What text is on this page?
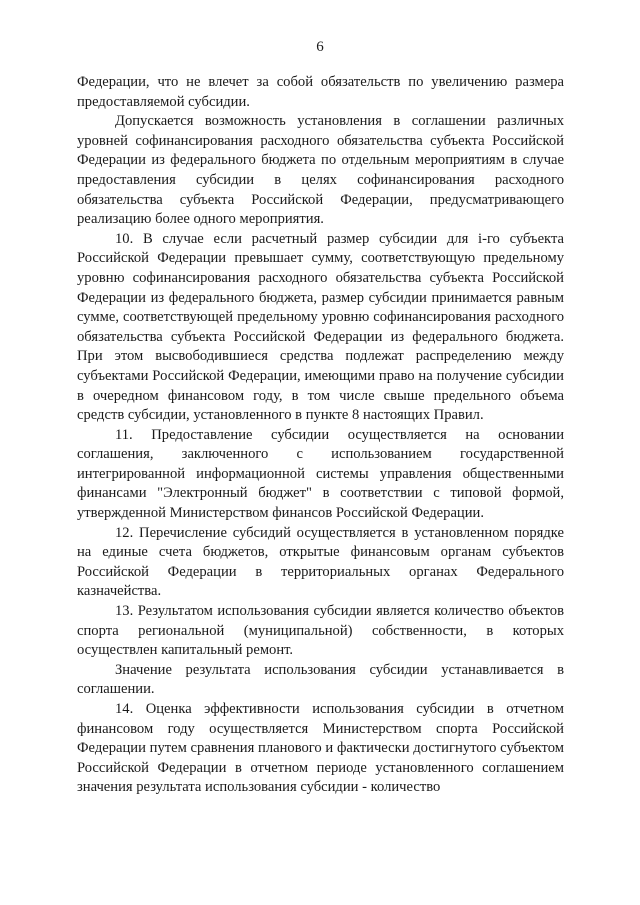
6

Федерации, что не влечет за собой обязательств по увеличению размера предоставляемой субсидии.

Допускается возможность установления в соглашении различных уровней софинансирования расходного обязательства субъекта Российской Федерации из федерального бюджета по отдельным мероприятиям в случае предоставления субсидии в целях софинансирования расходного обязательства субъекта Российской Федерации, предусматривающего реализацию более одного мероприятия.

10. В случае если расчетный размер субсидии для i-го субъекта Российской Федерации превышает сумму, соответствующую предельному уровню софинансирования расходного обязательства субъекта Российской Федерации из федерального бюджета, размер субсидии принимается равным сумме, соответствующей предельному уровню софинансирования расходного обязательства субъекта Российской Федерации из федерального бюджета. При этом высвободившиеся средства подлежат распределению между субъектами Российской Федерации, имеющими право на получение субсидии в очередном финансовом году, в том числе свыше предельного объема средств субсидии, установленного в пункте 8 настоящих Правил.

11. Предоставление субсидии осуществляется на основании соглашения, заключенного с использованием государственной интегрированной информационной системы управления общественными финансами "Электронный бюджет" в соответствии с типовой формой, утвержденной Министерством финансов Российской Федерации.

12. Перечисление субсидий осуществляется в установленном порядке на единые счета бюджетов, открытые финансовым органам субъектов Российской Федерации в территориальных органах Федерального казначейства.

13. Результатом использования субсидии является количество объектов спорта региональной (муниципальной) собственности, в которых осуществлен капитальный ремонт.

Значение результата использования субсидии устанавливается в соглашении.

14. Оценка эффективности использования субсидии в отчетном финансовом году осуществляется Министерством спорта Российской Федерации путем сравнения планового и фактически достигнутого субъектом Российской Федерации в отчетном периоде установленного соглашением значения результата использования субсидии - количество
